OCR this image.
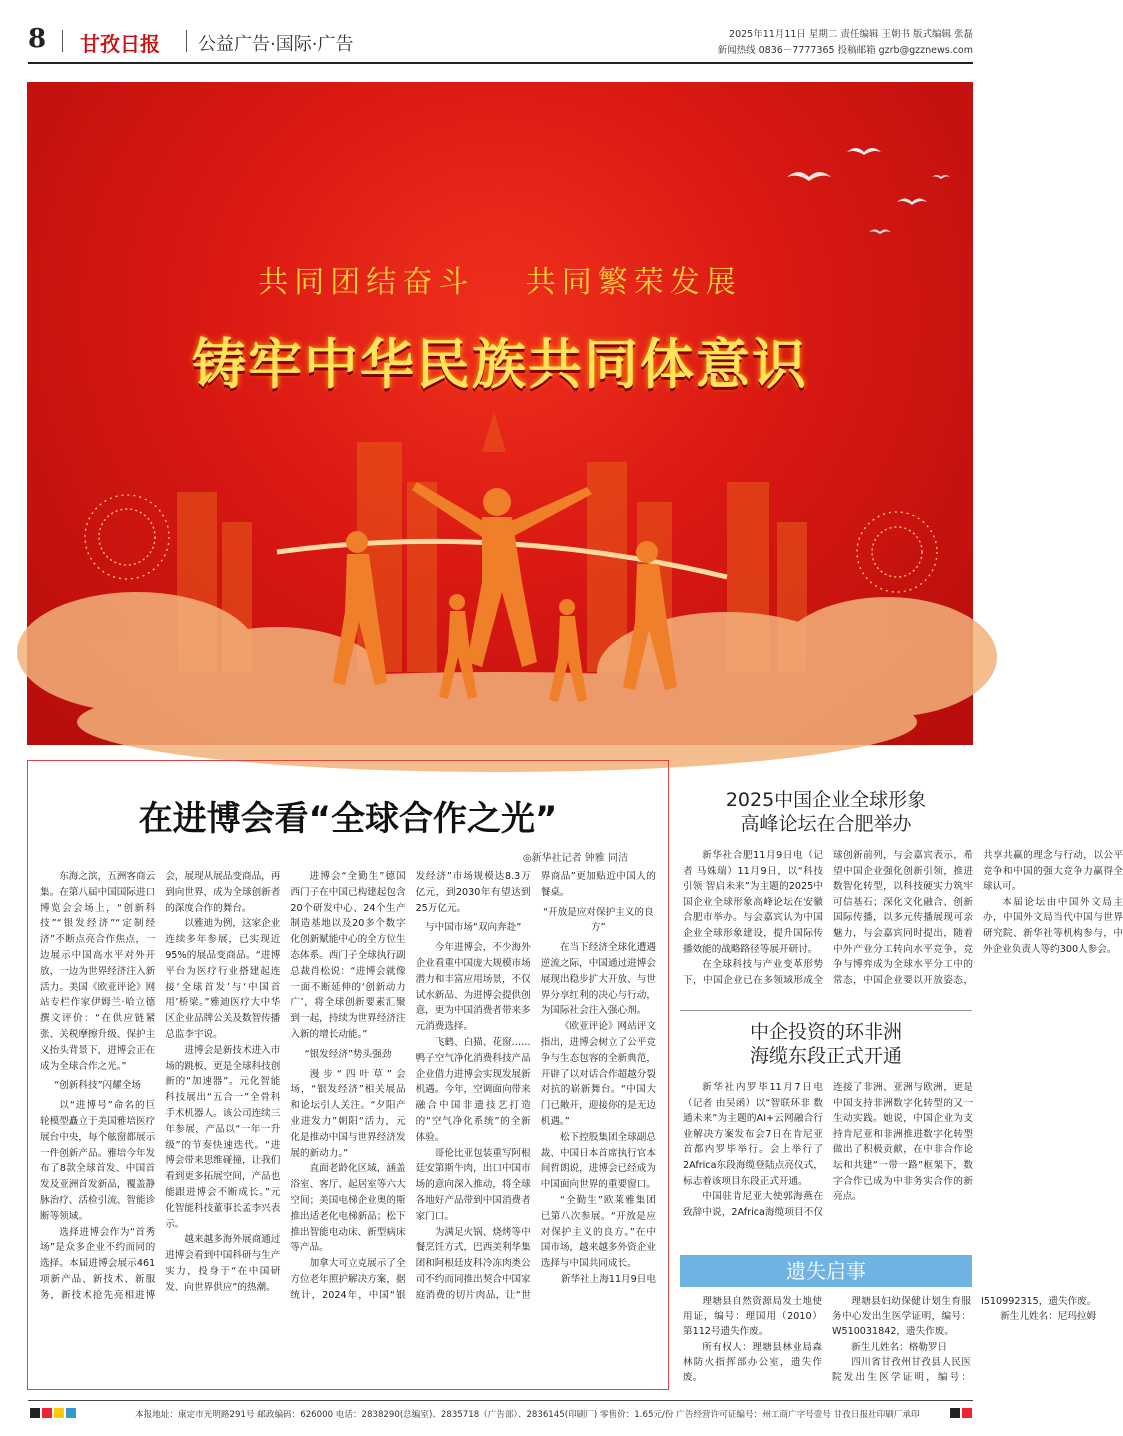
8 甘孜日报 公益广告·国际·广告	2025年11月11日 星期二 责任编辑 王朝书 版式编辑 张磊
新闻热线 0836－7777365 投稿邮箱 gzrb@gzznews.com
共同团结奋斗 共同繁荣发展
铸牢中华民族共同体意识
在进博会看“全球合作之光”
◎新华社记者 钟雅 同洁

东海之滨，五洲客商云集。在第八届中国国际进口博览会会场上，“创新科技”“银发经济”“定制经济”不断点亮合作焦点，一边展示中国高水平对外开放，一边为世界经济注入新活力。美国《欧亚评论》网站专栏作家伊姆兰·哈立德撰文评价：“在供应链紧张、关税摩擦升级、保护主义抬头背景下，进博会正在成为全球合作之光。”

“创新科技”闪耀全场

以“进博号”命名的巨轮模型矗立于美国雅培医疗展台中央，每个舷窗都展示一件创新产品。雅培今年发布了8款全球首发、中国首发及亚洲首发新品，覆盖静脉治疗、活检引流、智能诊断等领域。

选择进博会作为“首秀场”是众多企业不约而同的选择。本届进博会展示461项新产品、新技术、新服务，新技术抢先亮相进博会，展现从展品变商品，再到向世界，成为全球创新者的深度合作的舞台。

以雅迪为例，这家企业连续多年参展，已实现近95%的展品变商品。“进博平台为医疗行业搭建起连接‘全球首发’与‘中国首用’桥梁。”雅迪医疗大中华区企业品牌公关及数智传播总监李宇说。

进博会是新技术进入市场的跳板，更是全球科技创新的“加速器”。元化智能科技展出“五合一”全骨科手术机器人。该公司连续三年参展，产品以“一年一升级”的节奏快速迭代。“进博会带来思维碰撞，让我们看到更多拓展空间，产品也能跟进博会不断成长。”元化智能科技董事长孟李兴表示。

越来越多海外展商通过进博会看到中国科研与生产实力，投身于“在中国研发、向世界供应”的热潮。

进博会“全勤生”德国西门子在中国已构建起包含20个研发中心、24个生产制造基地以及20多个数字化创新赋能中心的全方位生态体系。西门子全球执行副总裁肖松说：“进博会就像一面不断延伸的‘创新动力广’，将全球创新要素汇聚到一起，持续为世界经济注入新的增长动能。”

“银发经济”势头强劲

漫步“四叶草”会场，“银发经济”相关展品和论坛引人关注。“夕阳产业进发力”朝阳“活力，元化是推动中国与世界经济发展的新动力。”

直面老龄化区域，涵盖浴室、客厅、起居室等六大空间；美国电梯企业奥的斯推出适老化电梯新品；松下推出智能电动床、新型病床等产品。

加拿大可立克展示了全方位老年照护解决方案，据统计，2024年，中国“银发经济”市场规模达8.3万亿元，到2030年有望达到25万亿元。

与中国市场“双向奔赴”

今年进博会，不少海外企业看重中国庞大规模市场潜力和丰富应用场景，不仅试水新品、为进博会提供创意，更为中国消费者带来多元消费选择。

飞鹤、白猫、花窗……鸭子空气净化消费科技产品企业借力进博会实现发展新机遇。今年，空调面向带来融合中国非遗技艺打造的“空气净化系统”的全新体验。

哥伦比亚包装重写阿根廷安第斯牛肉，出口中国市场的意向深入推动，将全球各地好产品带到中国消费者家门口。

为满足火锅、烧烤等中餐烹饪方式，巴西美利华集团和阿根廷皮科冷冻肉类公司不约而同推出契合中国家庭消费的切片肉品，让“世界商品”更加贴近中国人的餐桌。

“开放是应对保护主义的良方”

在当下经济全球化遭遇逆流之际，中国通过进博会展现出稳步扩大开放、与世界分享红利的决心与行动，为国际社会注入强心剂。

《欧亚评论》网站评文指出，进博会树立了公平竞争与生态包容的全新典范，开辟了以对话合作超越分裂对抗的崭新舞台。“中国大门已敞开，迎接你的是无边机遇。”

松下控股集团全球副总裁、中国日本首席执行官本间哲朗说，进博会已经成为中国面向世界的重要窗口。

“全勤生”欧莱雅集团已第八次参展。“开放是应对保护主义的良方。”在中国市场，越来越多外资企业选择与中国共同成长。

新华社上海11月9日电

2025中国企业全球形象
高峰论坛在合肥举办

新华社合肥11月9日电（记者 马姝瑞）11月9日，以“科技引领 智启未来”为主题的2025中国企业全球形象高峰论坛在安徽合肥市举办。与会嘉宾认为中国企业全球形象建设，提升国际传播效能的战略路径等展开研讨。

在全球科技与产业变革形势下，中国企业已在多领域形成全球创新前列，与会嘉宾表示，希望中国企业强化创新引领，推进数智化转型，以科技硬实力筑牢可信基石；深化文化融合、创新国际传播，以多元传播展现可亲魅力，与会嘉宾同时提出，随着中外产业分工转向水平竞争，竞争与博弈成为全球水平分工中的常态，中国企业要以开放姿态，共享共赢的理念与行动，以公平竞争和中国的强大竞争力赢得全球认可。

本届论坛由中国外文局主办，中国外文局当代中国与世界研究院、新华社等机构参与，中外企业负责人等约300人参会。

中企投资的环非洲
海缆东段正式开通

新华社内罗毕11月7日电（记者 由吴函）以“智联环非 数通未来”为主题的AI+云网融合行业解决方案发布会7日在肯尼亚首都内罗毕举行。会上举行了2Africa东段海缆登陆点亮仪式，标志着该项目东段正式开通。

中国驻肯尼亚大使郭海燕在致辞中说，2Africa海缆项目不仅连接了非洲、亚洲与欧洲，更是中国支持非洲数字化转型的又一生动实践。她说，中国企业为支持肯尼亚和非洲推进数字化转型做出了积极贡献，在中非合作论坛和共建“一带一路”框架下，数字合作已成为中非务实合作的新亮点。

遗失启事
理塘县自然资源局发土地使用证，编号：理国用（2010）第112号遗失作废。
所有权人：理塘县林业局森林防火指挥部办公室，遗失作废。
理塘县妇幼保健计划生育服务中心发出生医学证明，编号：W510031842，遗失作废。
新生儿姓名：格勒罗日
四川省甘孜州甘孜县人民医院发出生医学证明，编号：I510992315，遗失作废。
新生儿姓名：尼玛拉姆
本报地址：康定市光明路291号 邮政编码：626000 电话：2838290(总编室)、2835718（广告部）、2836145(印刷厂) 零售价：1.65元/份 广告经营许可证编号：州工商广字号壹号 甘孜日报社印刷厂承印
